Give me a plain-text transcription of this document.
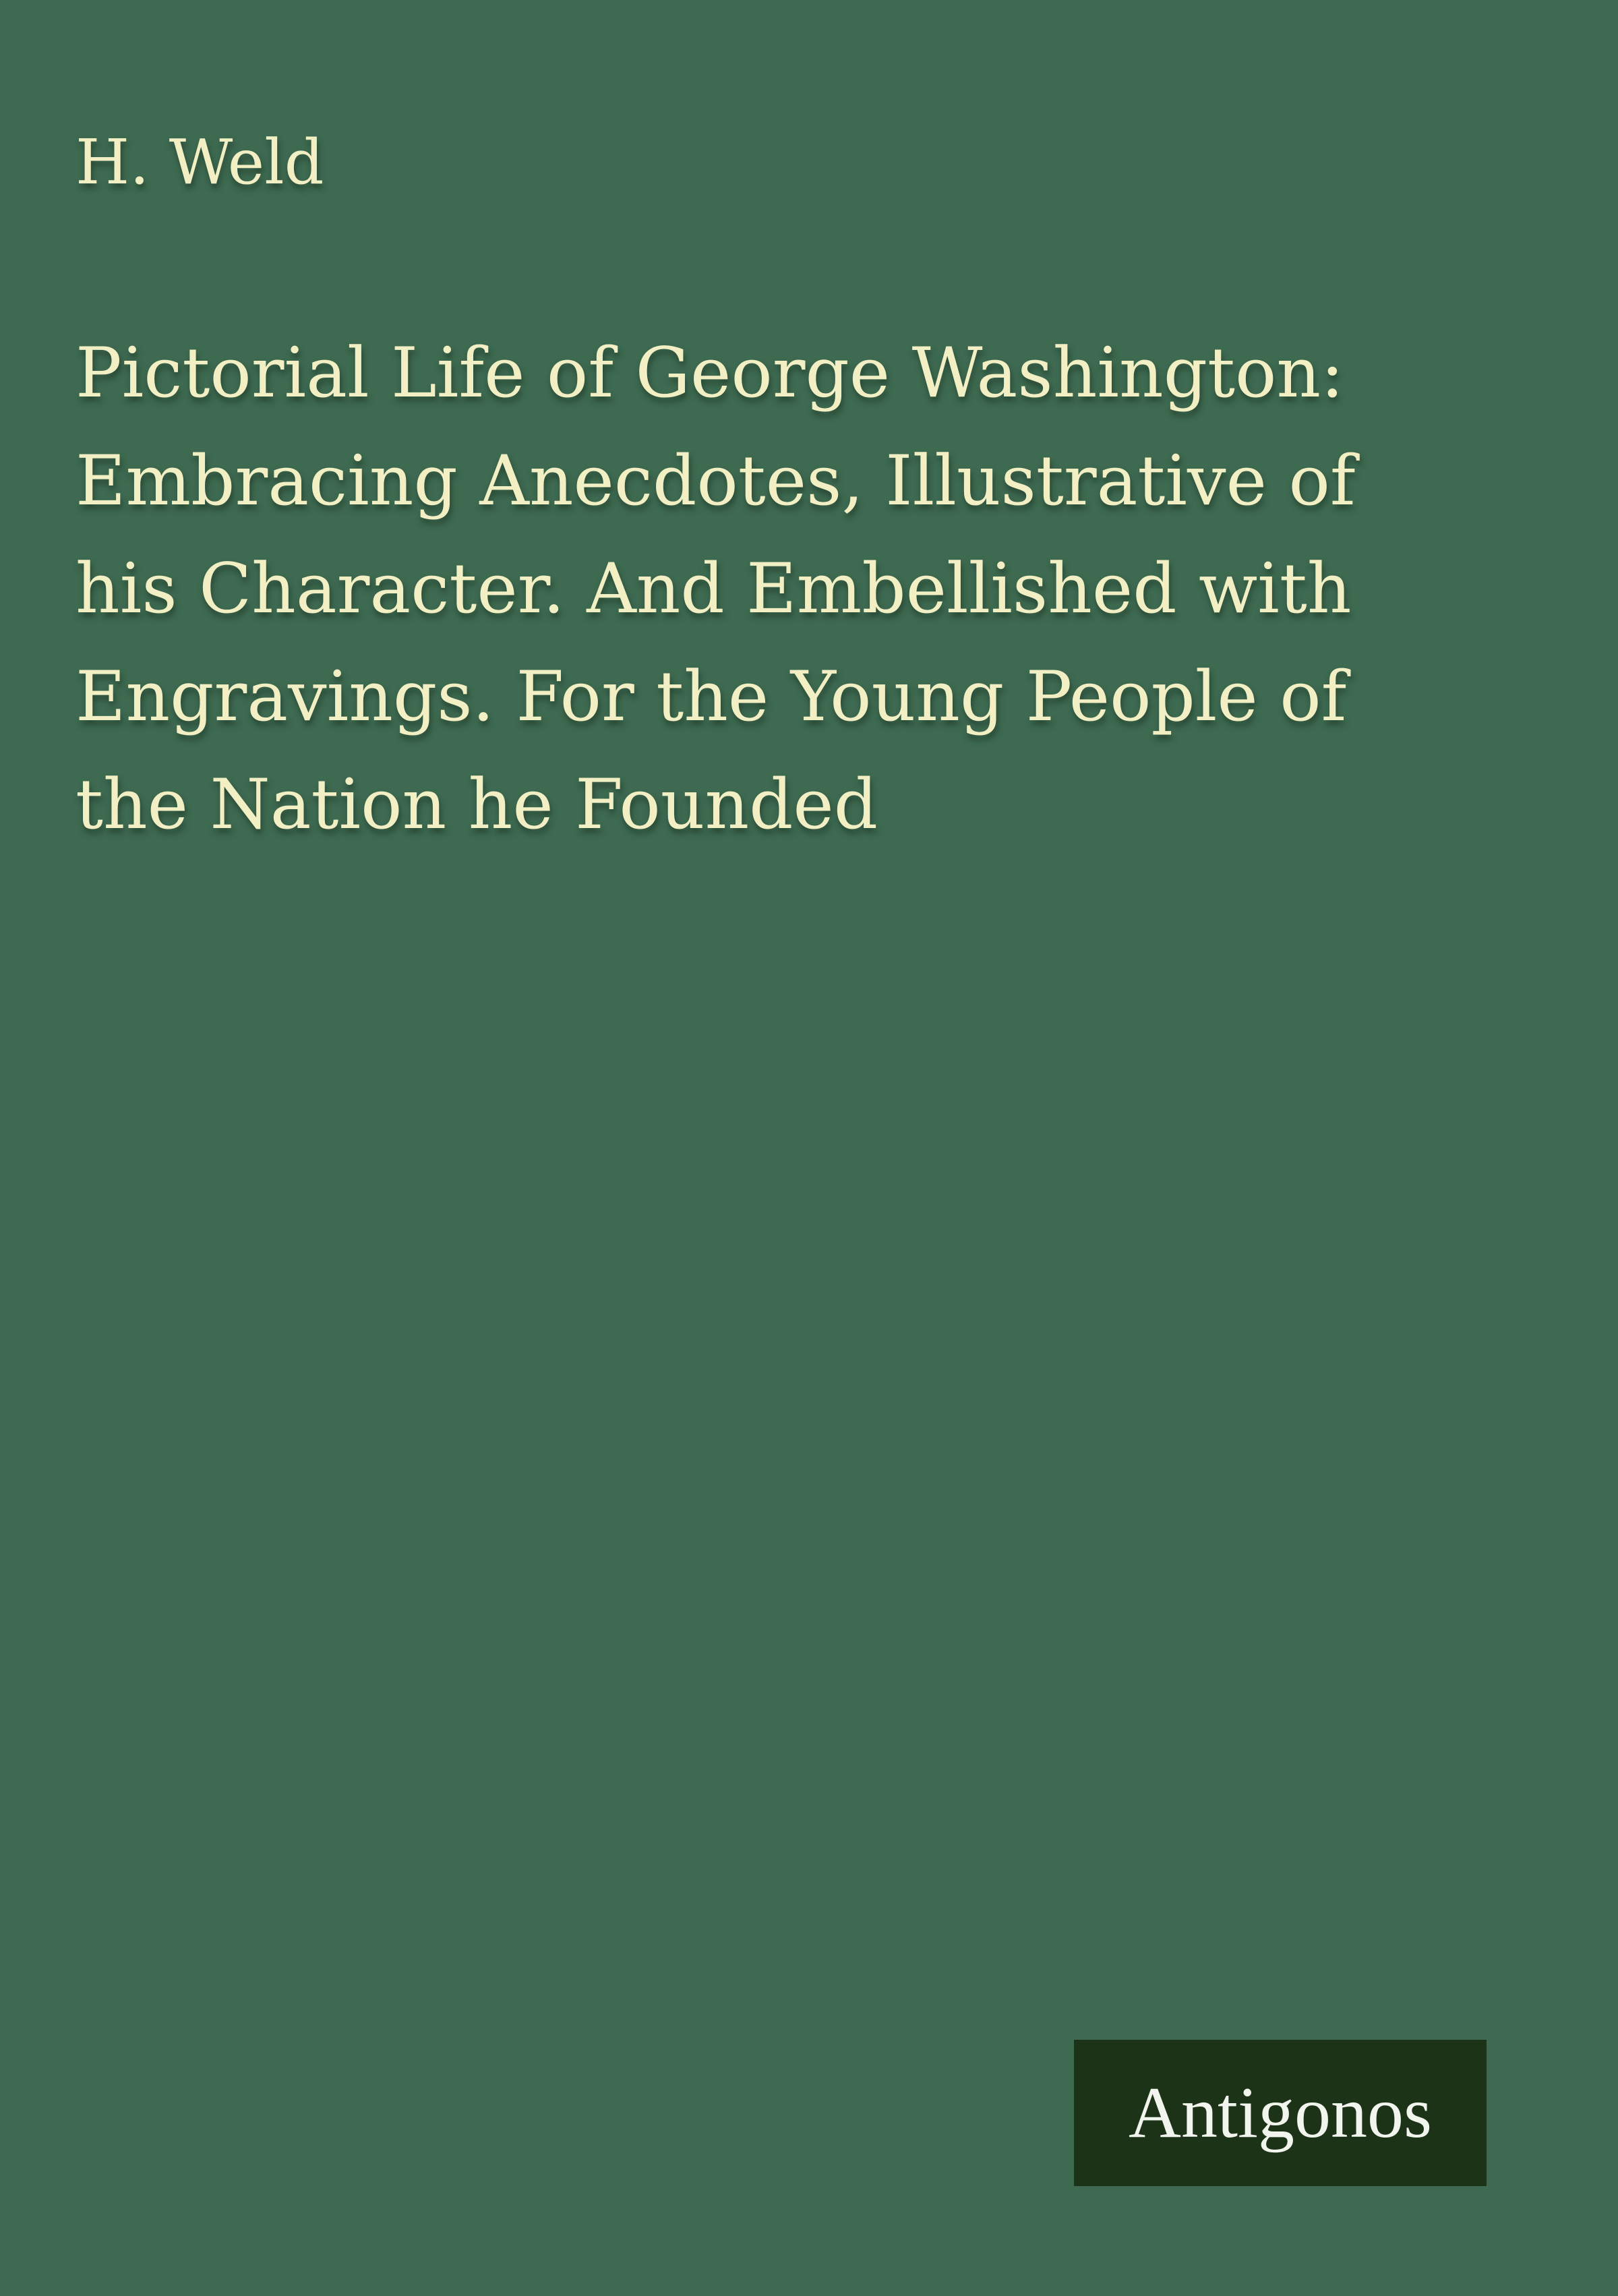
H. Weld
Pictorial Life of George Washington:
Embracing Anecdotes, Illustrative of
his Character. And Embellished with
Engravings. For the Young People of
the Nation he Founded
Antigonos
